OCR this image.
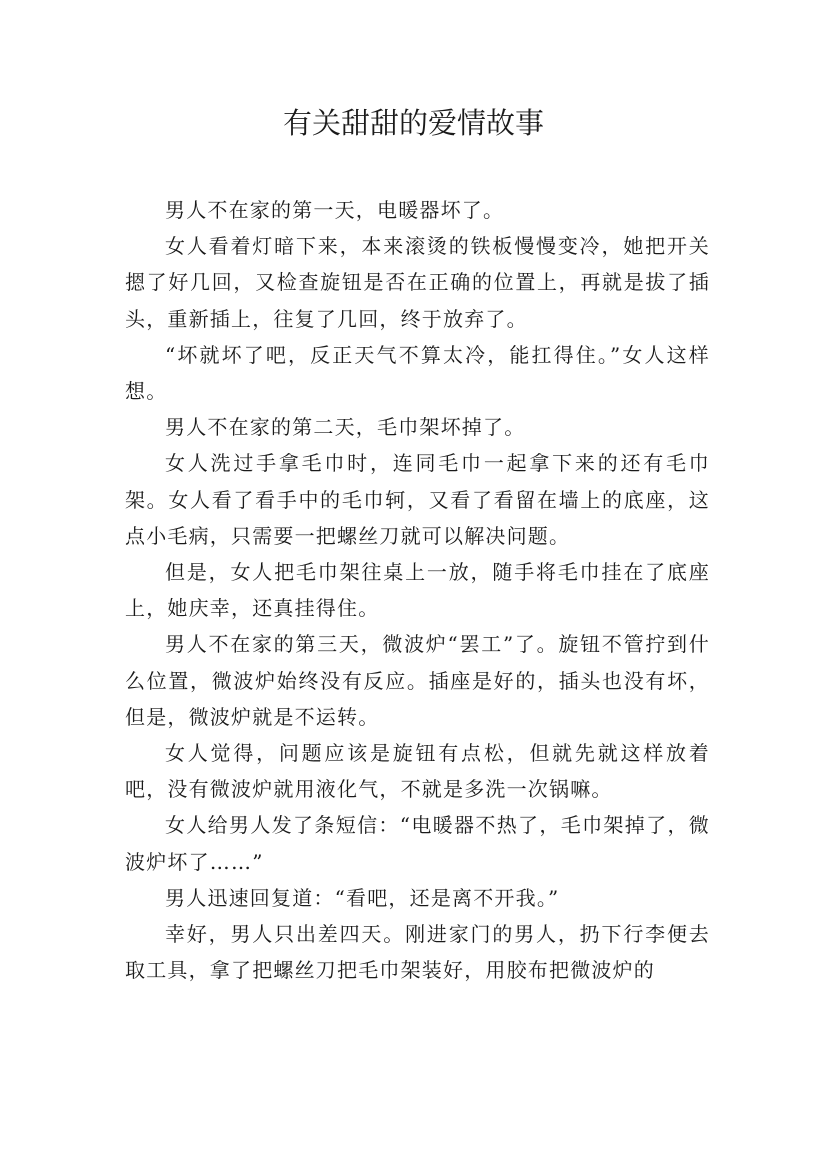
有关甜甜的爱情故事

男人不在家的第一天，电暖器坏了。

女人看着灯暗下来，本来滚烫的铁板慢慢变冷，她把开关摁了好几回，又检查旋钮是否在正确的位置上，再就是拔了插头，重新插上，往复了几回，终于放弃了。

“坏就坏了吧，反正天气不算太冷，能扛得住。”女人这样想。

男人不在家的第二天，毛巾架坏掉了。

女人洗过手拿毛巾时，连同毛巾一起拿下来的还有毛巾架。女人看了看手中的毛巾轲，又看了看留在墙上的底座，这点小毛病，只需要一把螺丝刀就可以解决问题。

但是，女人把毛巾架往桌上一放，随手将毛巾挂在了底座上，她庆幸，还真挂得住。

男人不在家的第三天，微波炉“罢工”了。旋钮不管拧到什么位置，微波炉始终没有反应。插座是好的，插头也没有坏，但是，微波炉就是不运转。

女人觉得，问题应该是旋钮有点松，但就先就这样放着吧，没有微波炉就用液化气，不就是多洗一次锅嘛。

女人给男人发了条短信：“电暖器不热了，毛巾架掉了，微波炉坏了……”

男人迅速回复道：“看吧，还是离不开我。”

幸好，男人只出差四天。刚进家门的男人，扔下行李便去取工具，拿了把螺丝刀把毛巾架装好，用胶布把微波炉的
